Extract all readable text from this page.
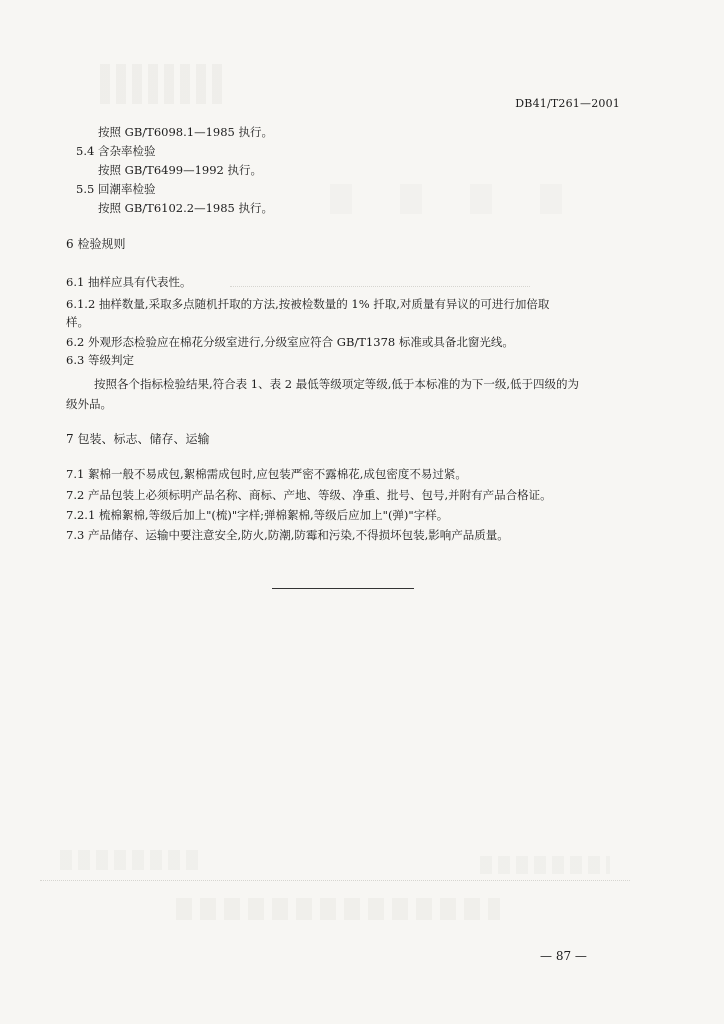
DB41/T261—2001
按照 GB/T6098.1—1985 执行。
5.4 含杂率检验
按照 GB/T6499—1992 执行。
5.5 回潮率检验
按照 GB/T6102.2—1985 执行。
6 检验规则
6.1 抽样应具有代表性。
6.1.2 抽样数量,采取多点随机扦取的方法,按被检数量的 1% 扦取,对质量有异议的可进行加倍取
样。
6.2 外观形态检验应在棉花分级室进行,分级室应符合 GB/T1378 标准或具备北窗光线。
6.3 等级判定
按照各个指标检验结果,符合表 1、表 2 最低等级项定等级,低于本标准的为下一级,低于四级的为
级外品。
7 包装、标志、储存、运输
7.1 絮棉一般不易成包,絮棉需成包时,应包装严密不露棉花,成包密度不易过紧。
7.2 产品包装上必须标明产品名称、商标、产地、等级、净重、批号、包号,并附有产品合格证。
7.2.1 梳棉絮棉,等级后加上"(梳)"字样;弹棉絮棉,等级后应加上"(弹)"字样。
7.3 产品储存、运输中要注意安全,防火,防潮,防霉和污染,不得损坏包装,影响产品质量。
— 87 —
